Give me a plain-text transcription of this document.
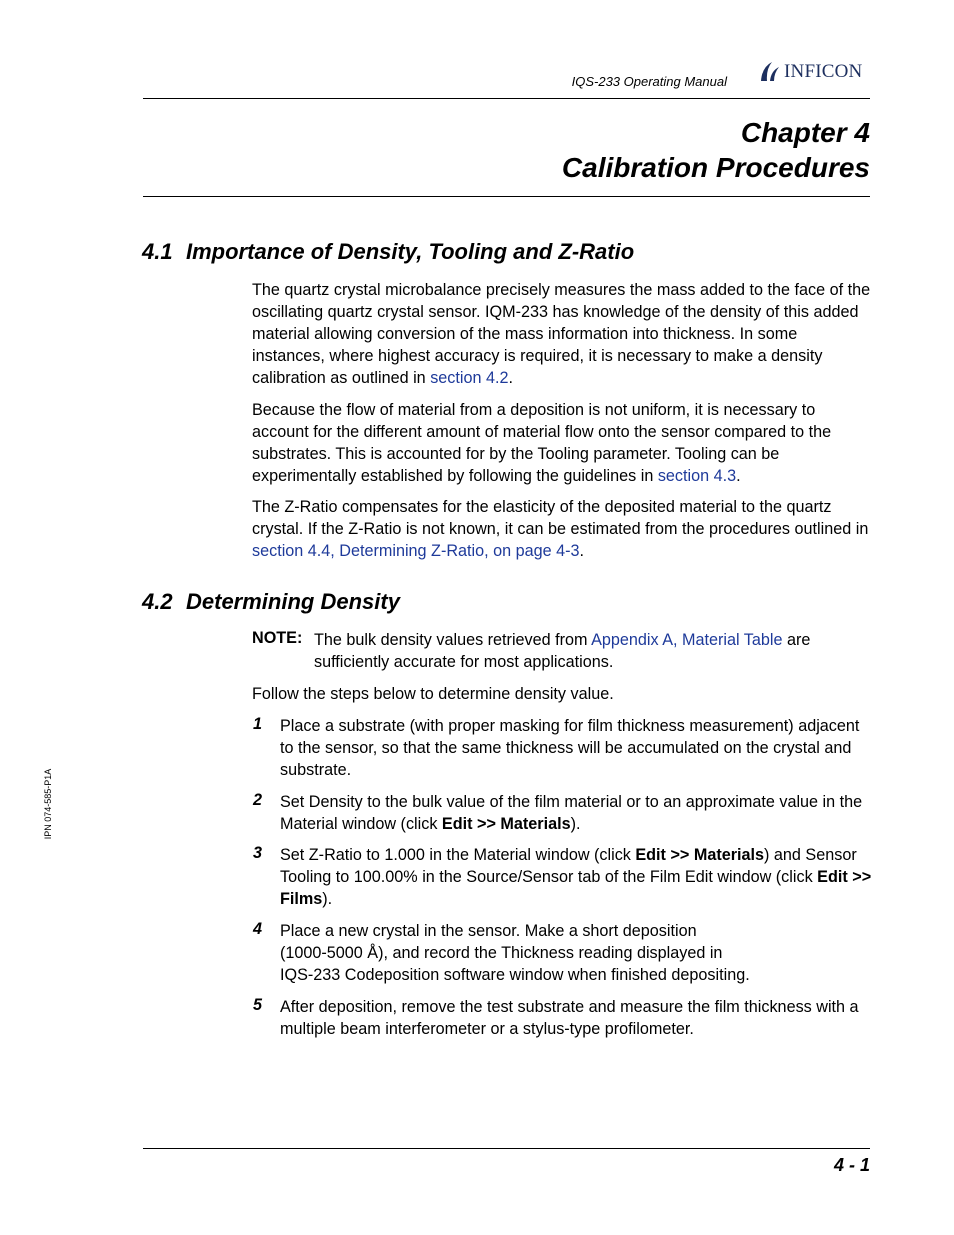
IQS-233 Operating Manual	INFICON
Chapter 4
Calibration Procedures
4.1 Importance of Density, Tooling and Z-Ratio

The quartz crystal microbalance precisely measures the mass added to the face of the oscillating quartz crystal sensor. IQM-233 has knowledge of the density of this added material allowing conversion of the mass information into thickness. In some instances, where highest accuracy is required, it is necessary to make a density calibration as outlined in section 4.2.

Because the flow of material from a deposition is not uniform, it is necessary to account for the different amount of material flow onto the sensor compared to the substrates. This is accounted for by the Tooling parameter. Tooling can be experimentally established by following the guidelines in section 4.3.

The Z-Ratio compensates for the elasticity of the deposited material to the quartz crystal. If the Z-Ratio is not known, it can be estimated from the procedures outlined in section 4.4, Determining Z-Ratio, on page 4-3.

4.2 Determining Density
NOTE: The bulk density values retrieved from Appendix A, Material Table are sufficiently accurate for most applications.
Follow the steps below to determine density value.
1 Place a substrate (with proper masking for film thickness measurement) adjacent to the sensor, so that the same thickness will be accumulated on the crystal and substrate.
2 Set Density to the bulk value of the film material or to an approximate value in the Material window (click Edit >> Materials).
3 Set Z-Ratio to 1.000 in the Material window (click Edit >> Materials) and Sensor Tooling to 100.00% in the Source/Sensor tab of the Film Edit window (click Edit >> Films).
4 Place a new crystal in the sensor. Make a short deposition
(1000-5000 Å), and record the Thickness reading displayed in
IQS-233 Codeposition software window when finished depositing.
5 After deposition, remove the test substrate and measure the film thickness with a multiple beam interferometer or a stylus-type profilometer.
IPN 074-585-P1A
4 - 1
